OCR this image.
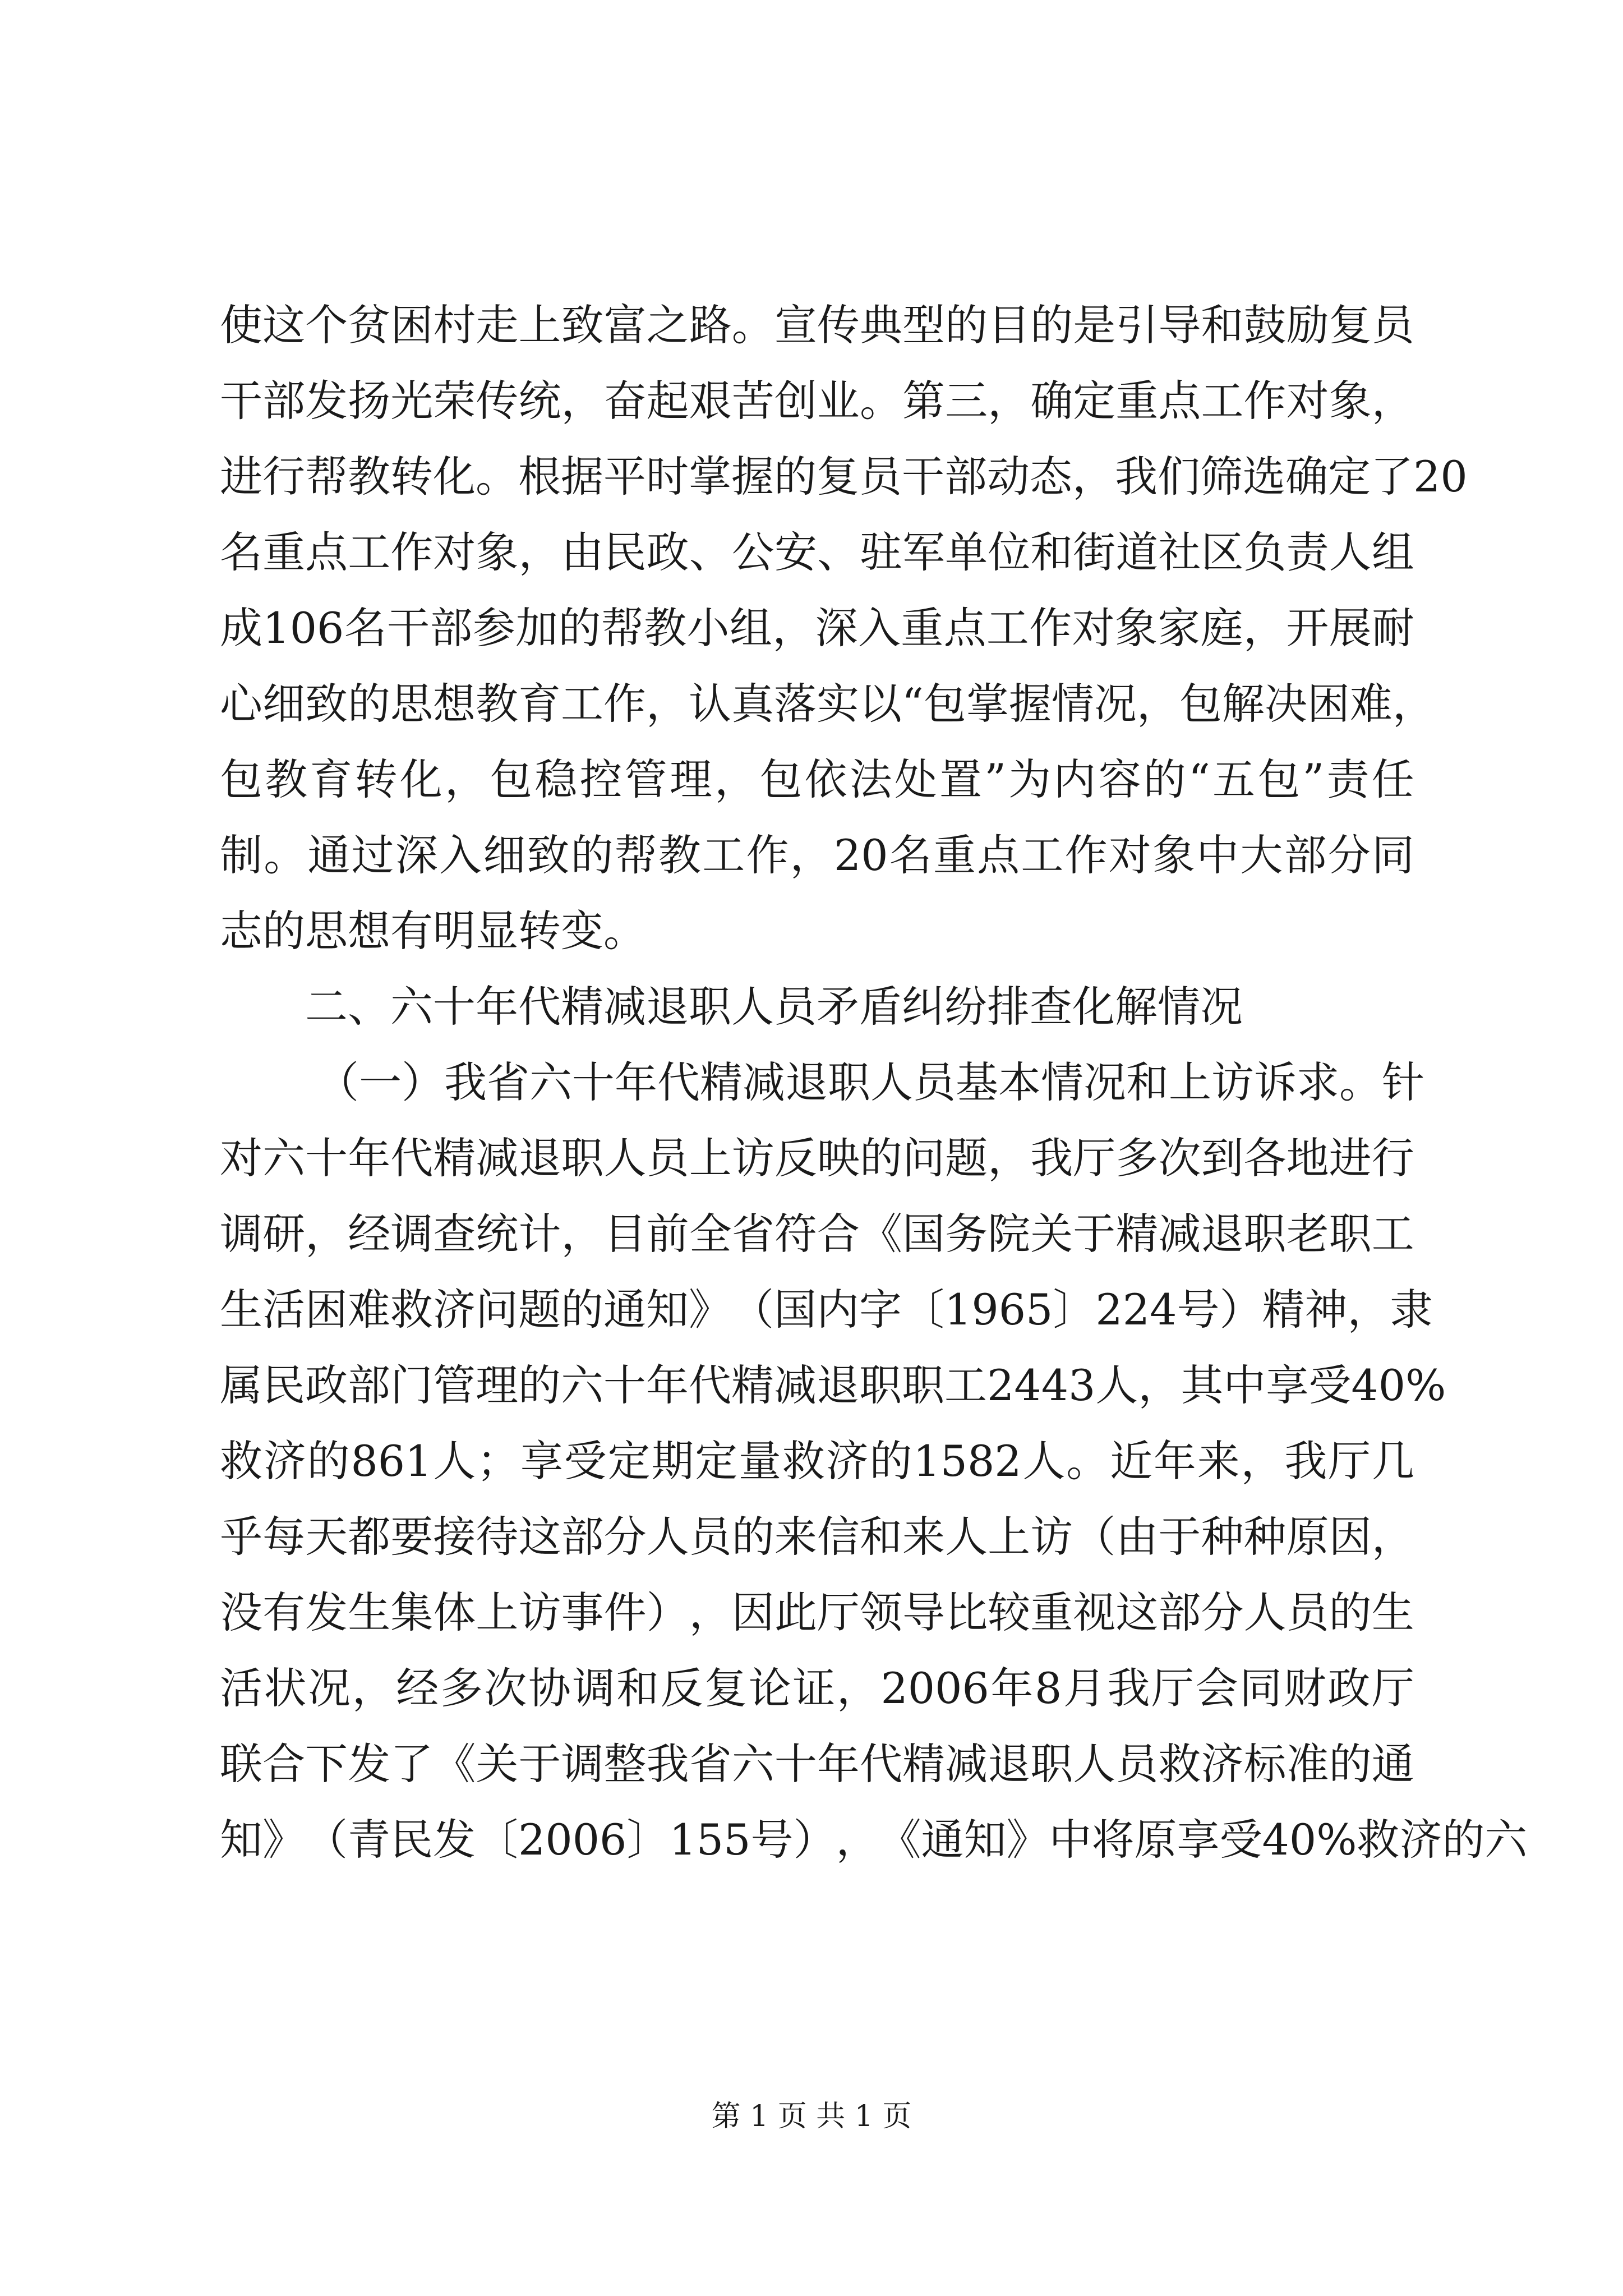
使 这 个 贫 困 村 走 上 致 富 之 路 。 宣 传 典 型 的 目 的 是 引 导 和 鼓 励 复 员
干 部 发 扬 光 荣 传 统 ， 奋 起 艰 苦 创 业 。 第 三 ， 确 定 重 点 工 作 对 象 ，
进 行 帮 教 转 化 。 根 据 平 时 掌 握 的 复 员 干 部 动 态 ， 我 们 筛 选 确 定 了 20
名 重 点 工 作 对 象 ， 由 民 政 、 公 安 、 驻 军 单 位 和 街 道 社 区 负 责 人 组
成 106 名 干 部 参 加 的 帮 教 小 组 ， 深 入 重 点 工 作 对 象 家 庭 ， 开 展 耐
心 细 致 的 思 想 教 育 工 作 ， 认 真 落 实 以 “ 包 掌 握 情 况 ， 包 解 决 困 难 ，
包 教 育 转 化 ， 包 稳 控 管 理 ， 包 依 法 处 置 ” 为 内 容 的 “ 五 包 ” 责 任
制 。 通 过 深 入 细 致 的 帮 教 工 作 ， 20 名 重 点 工 作 对 象 中 大 部 分 同
志的思想有明显转变。
二、六十年代精减退职人员矛盾纠纷排查化解情况
（ 一 ） 我 省 六 十 年 代 精 减 退 职 人 员 基 本 情 况 和 上 访 诉 求 。 针
对 六 十 年 代 精 减 退 职 人 员 上 访 反 映 的 问 题 ， 我 厅 多 次 到 各 地 进 行
调 研 ， 经 调 查 统 计 ， 目 前 全 省 符 合 《 国 务 院 关 于 精 减 退 职 老 职 工
生 活 困 难 救 济 问 题 的 通 知 》 （ 国 内 字 〔 1965 〕 224 号 ） 精 神 ， 隶
属 民 政 部 门 管 理 的 六 十 年 代 精 减 退 职 职 工 2443 人 ， 其 中 享 受 40%
救 济 的 861 人 ； 享 受 定 期 定 量 救 济 的 1582 人 。 近 年 来 ， 我 厅 几
乎 每 天 都 要 接 待 这 部 分 人 员 的 来 信 和 来 人 上 访 （ 由 于 种 种 原 因 ，
没 有 发 生 集 体 上 访 事 件 ） ， 因 此 厅 领 导 比 较 重 视 这 部 分 人 员 的 生
活 状 况 ， 经 多 次 协 调 和 反 复 论 证 ， 2006 年 8 月 我 厅 会 同 财 政 厅
联 合 下 发 了 《 关 于 调 整 我 省 六 十 年 代 精 减 退 职 人 员 救 济 标 准 的 通
知 》 （ 青 民 发 〔 2006 〕 155 号 ） ， 《 通 知 》 中 将 原 享 受 40% 救 济 的 六
第 1 页 共 1 页
